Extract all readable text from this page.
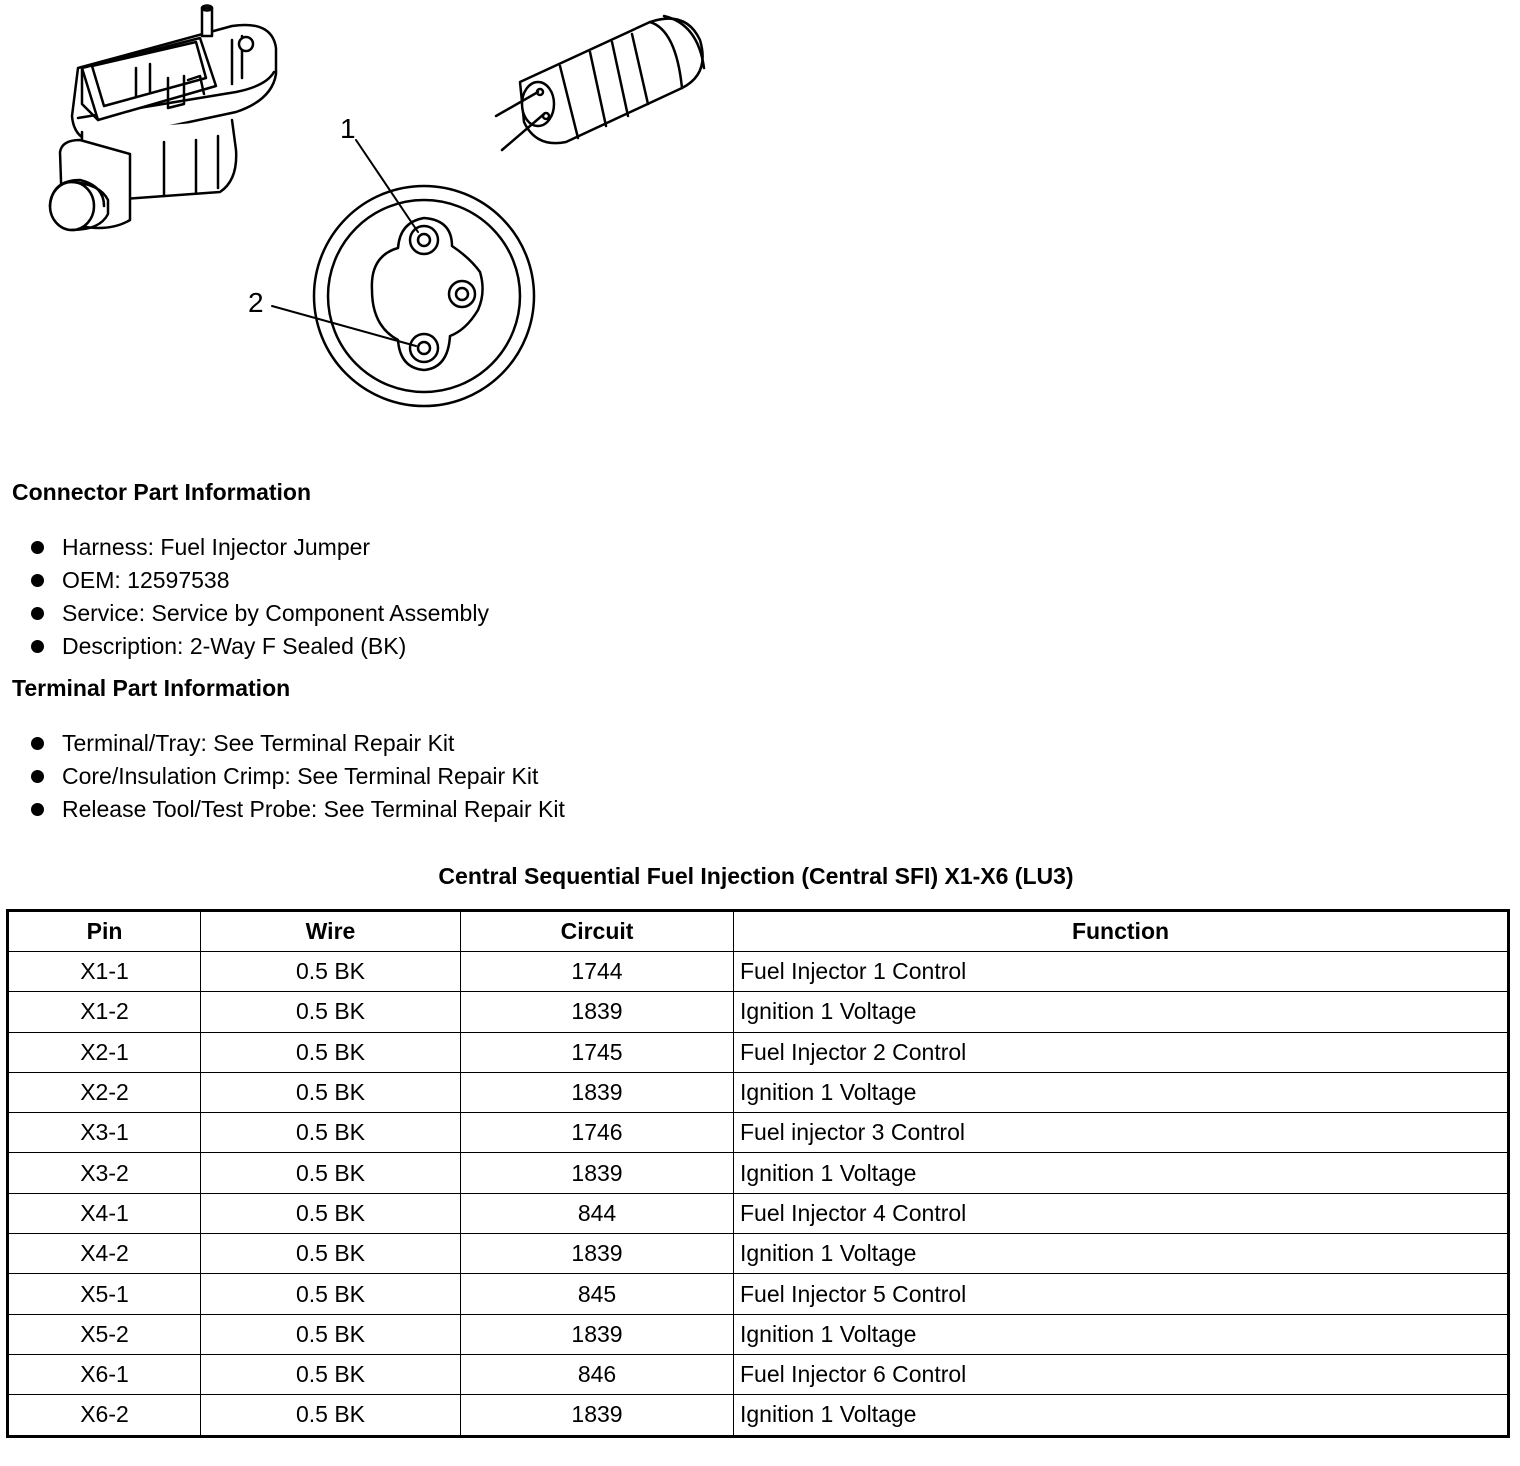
1
2
Connector Part Information
Harness: Fuel Injector Jumper
OEM: 12597538
Service: Service by Component Assembly
Description: 2-Way F Sealed (BK)
Terminal Part Information
Terminal/Tray: See Terminal Repair Kit
Core/Insulation Crimp: See Terminal Repair Kit
Release Tool/Test Probe: See Terminal Repair Kit
Central Sequential Fuel Injection (Central SFI) X1-X6 (LU3)
Pin	Wire	Circuit	Function
X1-1	0.5 BK	1744	Fuel Injector 1 Control
X1-2	0.5 BK	1839	Ignition 1 Voltage
X2-1	0.5 BK	1745	Fuel Injector 2 Control
X2-2	0.5 BK	1839	Ignition 1 Voltage
X3-1	0.5 BK	1746	Fuel injector 3 Control
X3-2	0.5 BK	1839	Ignition 1 Voltage
X4-1	0.5 BK	844	Fuel Injector 4 Control
X4-2	0.5 BK	1839	Ignition 1 Voltage
X5-1	0.5 BK	845	Fuel Injector 5 Control
X5-2	0.5 BK	1839	Ignition 1 Voltage
X6-1	0.5 BK	846	Fuel Injector 6 Control
X6-2	0.5 BK	1839	Ignition 1 Voltage
